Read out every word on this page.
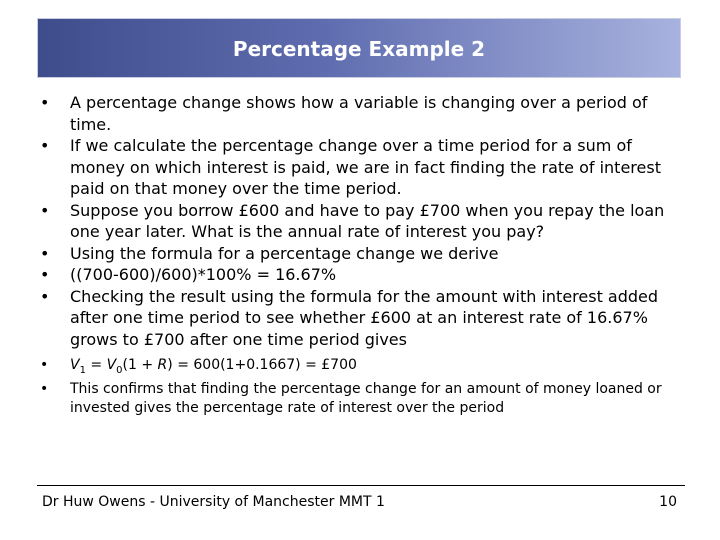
Percentage Example 2
• A percentage change shows how a variable is changing over a period of time.
• If we calculate the percentage change over a time period for a sum of money on which interest is paid, we are in fact finding the rate of interest paid on that money over the time period.
• Suppose you borrow £600 and have to pay £700 when you repay the loan one year later. What is the annual rate of interest you pay?
• Using the formula for a percentage change we derive
• ((700-600)/600)*100% = 16.67%
• Checking the result using the formula for the amount with interest added after one time period to see whether £600 at an interest rate of 16.67% grows to £700 after one time period gives
• $V_1 = V_0(1 + R) = 600(1+0.1667)$ = £700
• This confirms that finding the percentage change for an amount of money loaned or invested gives the percentage rate of interest over the period
Dr Huw Owens - University of Manchester MMT 1	10
